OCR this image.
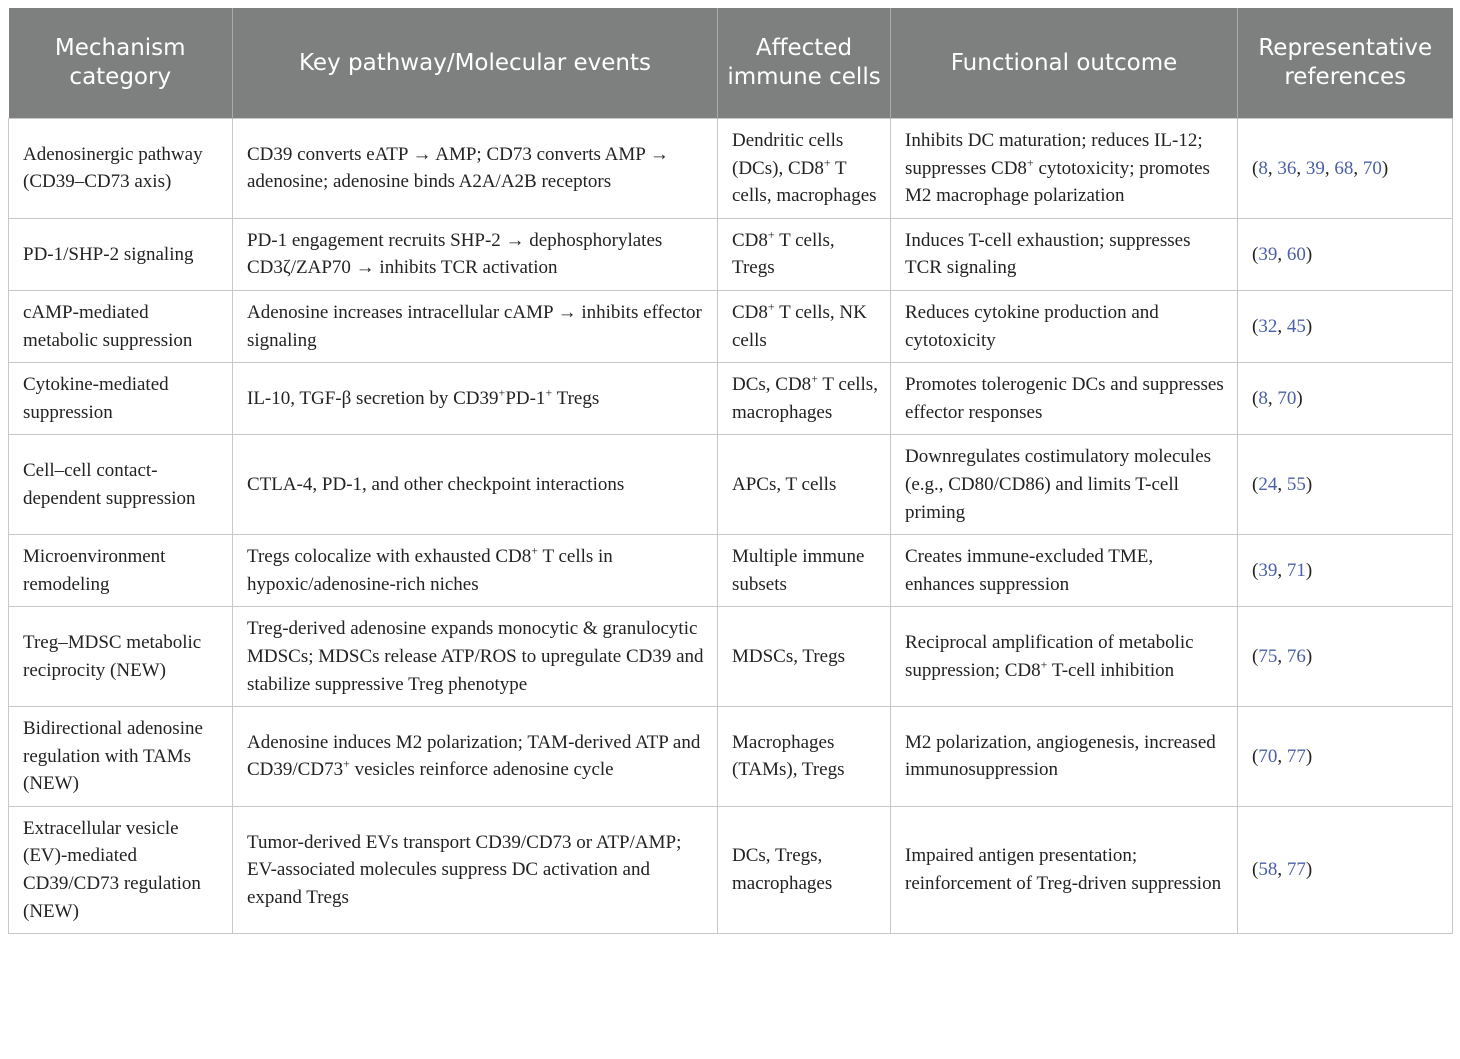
Mechanism category	Key pathway/Molecular events	Affected immune cells	Functional outcome	Representative references
Adenosinergic pathway (CD39–CD73 axis)	CD39 converts eATP → AMP; CD73 converts AMP → adenosine; adenosine binds A2A/A2B receptors	Dendritic cells (DCs), CD8+ T cells, macrophages	Inhibits DC maturation; reduces IL-12; suppresses CD8+ cytotoxicity; promotes M2 macrophage polarization	(8, 36, 39, 68, 70)
PD-1/SHP-2 signaling	PD-1 engagement recruits SHP-2 → dephosphorylates CD3ζ/ZAP70 → inhibits TCR activation	CD8+ T cells, Tregs	Induces T-cell exhaustion; suppresses TCR signaling	(39, 60)
cAMP-mediated metabolic suppression	Adenosine increases intracellular cAMP → inhibits effector signaling	CD8+ T cells, NK cells	Reduces cytokine production and cytotoxicity	(32, 45)
Cytokine-mediated suppression	IL-10, TGF-β secretion by CD39+PD-1+ Tregs	DCs, CD8+ T cells, macrophages	Promotes tolerogenic DCs and suppresses effector responses	(8, 70)
Cell–cell contact-dependent suppression	CTLA-4, PD-1, and other checkpoint interactions	APCs, T cells	Downregulates costimulatory molecules (e.g., CD80/CD86) and limits T-cell priming	(24, 55)
Microenvironment remodeling	Tregs colocalize with exhausted CD8+ T cells in hypoxic/adenosine-rich niches	Multiple immune subsets	Creates immune-excluded TME, enhances suppression	(39, 71)
Treg–MDSC metabolic reciprocity (NEW)	Treg-derived adenosine expands monocytic & granulocytic MDSCs; MDSCs release ATP/ROS to upregulate CD39 and stabilize suppressive Treg phenotype	MDSCs, Tregs	Reciprocal amplification of metabolic suppression; CD8+ T-cell inhibition	(75, 76)
Bidirectional adenosine regulation with TAMs (NEW)	Adenosine induces M2 polarization; TAM-derived ATP and CD39/CD73+ vesicles reinforce adenosine cycle	Macrophages (TAMs), Tregs	M2 polarization, angiogenesis, increased immunosuppression	(70, 77)
Extracellular vesicle (EV)-mediated CD39/CD73 regulation (NEW)	Tumor-derived EVs transport CD39/CD73 or ATP/AMP; EV-associated molecules suppress DC activation and expand Tregs	DCs, Tregs, macrophages	Impaired antigen presentation; reinforcement of Treg-driven suppression	(58, 77)
